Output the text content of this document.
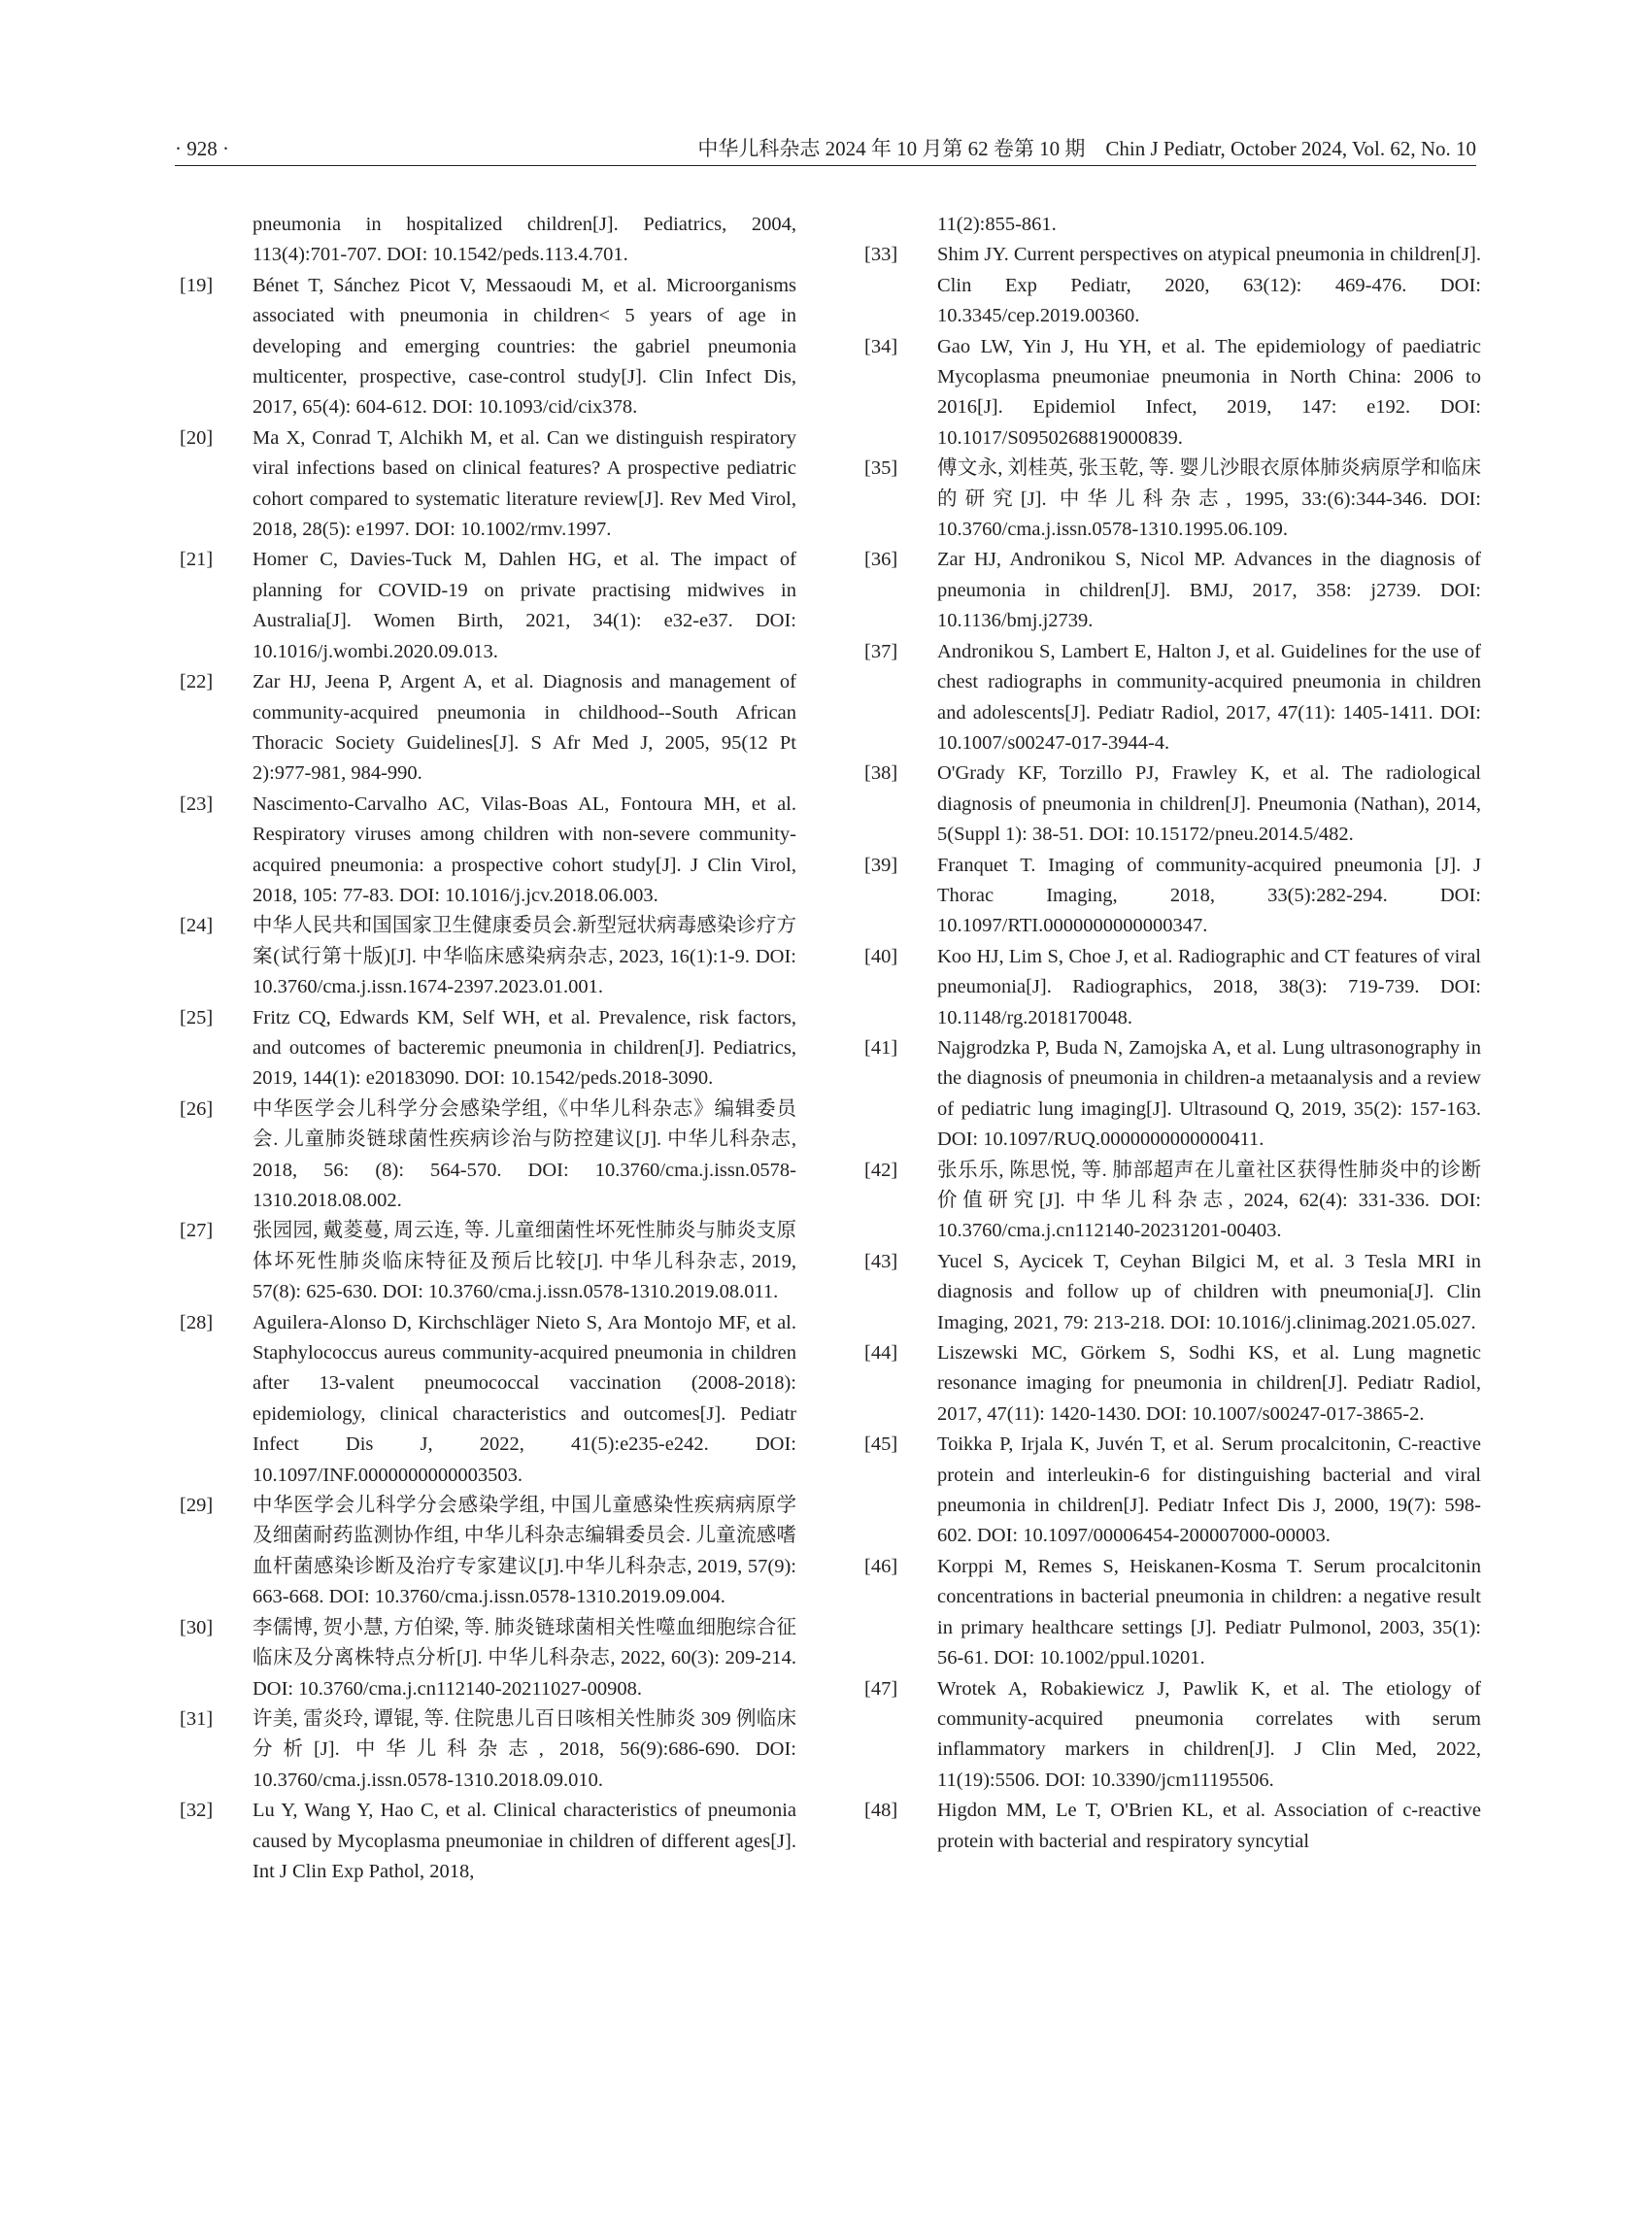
· 928 ·	中华儿科杂志 2024 年 10 月第 62 卷第 10 期　Chin J Pediatr, October 2024, Vol. 62, No. 10
pneumonia in hospitalized children[J]. Pediatrics, 2004, 113(4):701-707. DOI: 10.1542/peds.113.4.701.
[19] Bénet T, Sánchez Picot V, Messaoudi M, et al. Microorganisms associated with pneumonia in children< 5 years of age in developing and emerging countries: the gabriel pneumonia multicenter, prospective, case-control study[J]. Clin Infect Dis, 2017, 65(4): 604-612. DOI: 10.1093/cid/cix378.
[20] Ma X, Conrad T, Alchikh M, et al. Can we distinguish respiratory viral infections based on clinical features? A prospective pediatric cohort compared to systematic literature review[J]. Rev Med Virol, 2018, 28(5): e1997. DOI: 10.1002/rmv.1997.
[21] Homer C, Davies-Tuck M, Dahlen HG, et al. The impact of planning for COVID-19 on private practising midwives in Australia[J]. Women Birth, 2021, 34(1): e32-e37. DOI: 10.1016/j.wombi.2020.09.013.
[22] Zar HJ, Jeena P, Argent A, et al. Diagnosis and management of community-acquired pneumonia in childhood--South African Thoracic Society Guidelines[J]. S Afr Med J, 2005, 95(12 Pt 2):977-981, 984-990.
[23] Nascimento-Carvalho AC, Vilas-Boas AL, Fontoura MH, et al. Respiratory viruses among children with non-severe community-acquired pneumonia: a prospective cohort study[J]. J Clin Virol, 2018, 105: 77-83. DOI: 10.1016/j.jcv.2018.06.003.
[24] 中华人民共和国国家卫生健康委员会.新型冠状病毒感染诊疗方案(试行第十版)[J]. 中华临床感染病杂志, 2023, 16(1):1-9. DOI: 10.3760/cma.j.issn.1674-2397.2023.01.001.
[25] Fritz CQ, Edwards KM, Self WH, et al. Prevalence, risk factors, and outcomes of bacteremic pneumonia in children[J]. Pediatrics, 2019, 144(1): e20183090. DOI: 10.1542/peds.2018-3090.
[26] 中华医学会儿科学分会感染学组,《中华儿科杂志》编辑委员会. 儿童肺炎链球菌性疾病诊治与防控建议[J]. 中华儿科杂志, 2018, 56: (8): 564-570. DOI: 10.3760/cma.j.issn.0578-1310.2018.08.002.
[27] 张园园, 戴菱蔓, 周云连, 等. 儿童细菌性坏死性肺炎与肺炎支原体坏死性肺炎临床特征及预后比较[J]. 中华儿科杂志, 2019, 57(8): 625-630. DOI: 10.3760/cma.j.issn.0578-1310.2019.08.011.
[28] Aguilera-Alonso D, Kirchschläger Nieto S, Ara Montojo MF, et al. Staphylococcus aureus community-acquired pneumonia in children after 13-valent pneumococcal vaccination (2008-2018): epidemiology, clinical characteristics and outcomes[J]. Pediatr Infect Dis J, 2022, 41(5):e235-e242. DOI: 10.1097/INF.0000000000003503.
[29] 中华医学会儿科学分会感染学组, 中国儿童感染性疾病病原学及细菌耐药监测协作组, 中华儿科杂志编辑委员会. 儿童流感嗜血杆菌感染诊断及治疗专家建议[J].中华儿科杂志, 2019, 57(9): 663-668. DOI: 10.3760/cma.j.issn.0578-1310.2019.09.004.
[30] 李儒博, 贺小慧, 方伯梁, 等. 肺炎链球菌相关性噬血细胞综合征临床及分离株特点分析[J]. 中华儿科杂志, 2022, 60(3): 209-214. DOI: 10.3760/cma.j.cn112140-20211027-00908.
[31] 许美, 雷炎玲, 谭锟, 等. 住院患儿百日咳相关性肺炎 309 例临床分析[J]. 中华儿科杂志, 2018, 56(9):686-690. DOI: 10.3760/cma.j.issn.0578-1310.2018.09.010.
[32] Lu Y, Wang Y, Hao C, et al. Clinical characteristics of pneumonia caused by Mycoplasma pneumoniae in children of different ages[J]. Int J Clin Exp Pathol, 2018,
11(2):855-861.
[33] Shim JY. Current perspectives on atypical pneumonia in children[J]. Clin Exp Pediatr, 2020, 63(12): 469-476. DOI: 10.3345/cep.2019.00360.
[34] Gao LW, Yin J, Hu YH, et al. The epidemiology of paediatric Mycoplasma pneumoniae pneumonia in North China: 2006 to 2016[J]. Epidemiol Infect, 2019, 147: e192. DOI: 10.1017/S0950268819000839.
[35] 傅文永, 刘桂英, 张玉乾, 等. 婴儿沙眼衣原体肺炎病原学和临床的研究[J]. 中华儿科杂志, 1995, 33:(6):344-346. DOI: 10.3760/cma.j.issn.0578-1310.1995.06.109.
[36] Zar HJ, Andronikou S, Nicol MP. Advances in the diagnosis of pneumonia in children[J]. BMJ, 2017, 358: j2739. DOI: 10.1136/bmj.j2739.
[37] Andronikou S, Lambert E, Halton J, et al. Guidelines for the use of chest radiographs in community-acquired pneumonia in children and adolescents[J]. Pediatr Radiol, 2017, 47(11): 1405-1411. DOI: 10.1007/s00247-017-3944-4.
[38] O'Grady KF, Torzillo PJ, Frawley K, et al. The radiological diagnosis of pneumonia in children[J]. Pneumonia (Nathan), 2014, 5(Suppl 1): 38-51. DOI: 10.15172/pneu.2014.5/482.
[39] Franquet T. Imaging of community-acquired pneumonia [J]. J Thorac Imaging, 2018, 33(5):282-294. DOI: 10.1097/RTI.0000000000000347.
[40] Koo HJ, Lim S, Choe J, et al. Radiographic and CT features of viral pneumonia[J]. Radiographics, 2018, 38(3): 719-739. DOI: 10.1148/rg.2018170048.
[41] Najgrodzka P, Buda N, Zamojska A, et al. Lung ultrasonography in the diagnosis of pneumonia in children-a metaanalysis and a review of pediatric lung imaging[J]. Ultrasound Q, 2019, 35(2): 157-163. DOI: 10.1097/RUQ.0000000000000411.
[42] 张乐乐, 陈思悦, 等. 肺部超声在儿童社区获得性肺炎中的诊断价值研究[J]. 中华儿科杂志, 2024, 62(4): 331-336. DOI: 10.3760/cma.j.cn112140-20231201-00403.
[43] Yucel S, Aycicek T, Ceyhan Bilgici M, et al. 3 Tesla MRI in diagnosis and follow up of children with pneumonia[J]. Clin Imaging, 2021, 79: 213-218. DOI: 10.1016/j.clinimag.2021.05.027.
[44] Liszewski MC, Görkem S, Sodhi KS, et al. Lung magnetic resonance imaging for pneumonia in children[J]. Pediatr Radiol, 2017, 47(11): 1420-1430. DOI: 10.1007/s00247-017-3865-2.
[45] Toikka P, Irjala K, Juvén T, et al. Serum procalcitonin, C-reactive protein and interleukin-6 for distinguishing bacterial and viral pneumonia in children[J]. Pediatr Infect Dis J, 2000, 19(7): 598-602. DOI: 10.1097/00006454-200007000-00003.
[46] Korppi M, Remes S, Heiskanen-Kosma T. Serum procalcitonin concentrations in bacterial pneumonia in children: a negative result in primary healthcare settings [J]. Pediatr Pulmonol, 2003, 35(1): 56-61. DOI: 10.1002/ppul.10201.
[47] Wrotek A, Robakiewicz J, Pawlik K, et al. The etiology of community-acquired pneumonia correlates with serum inflammatory markers in children[J]. J Clin Med, 2022, 11(19):5506. DOI: 10.3390/jcm11195506.
[48] Higdon MM, Le T, O'Brien KL, et al. Association of c-reactive protein with bacterial and respiratory syncytial
